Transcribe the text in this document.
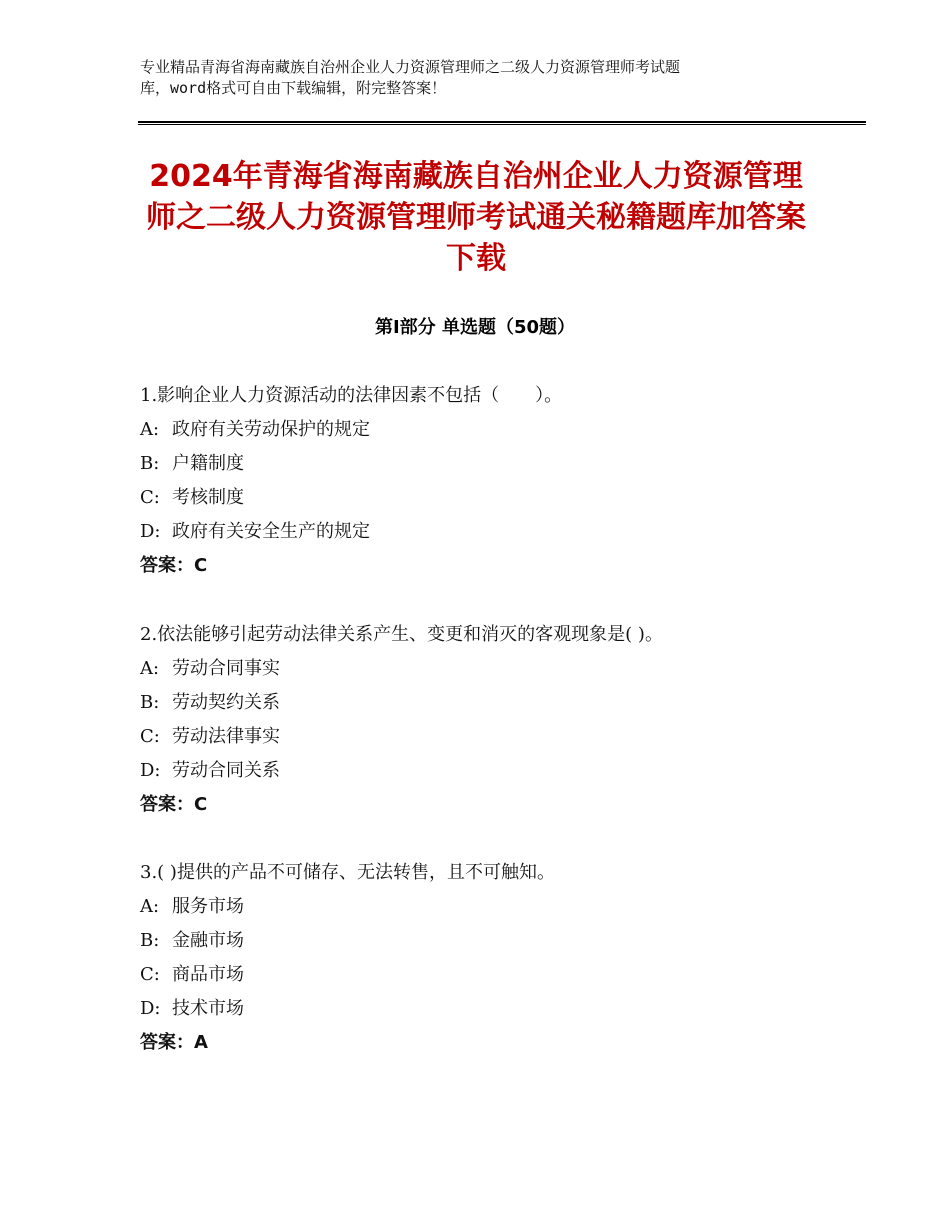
专业精品青海省海南藏族自治州企业人力资源管理师之二级人力资源管理师考试题
库，word格式可自由下载编辑，附完整答案！
2024年青海省海南藏族自治州企业人力资源管理师之二级人力资源管理师考试通关秘籍题库加答案下载
第Ⅰ部分 单选题（50题）
1.影响企业人力资源活动的法律因素不包括（　　）。
A: 政府有关劳动保护的规定
B: 户籍制度
C: 考核制度
D: 政府有关安全生产的规定
答案：C
2.依法能够引起劳动法律关系产生、变更和消灭的客观现象是( )。
A: 劳动合同事实
B: 劳动契约关系
C: 劳动法律事实
D: 劳动合同关系
答案：C
3.( )提供的产品不可储存、无法转售，且不可触知。
A: 服务市场
B: 金融市场
C: 商品市场
D: 技术市场
答案：A
